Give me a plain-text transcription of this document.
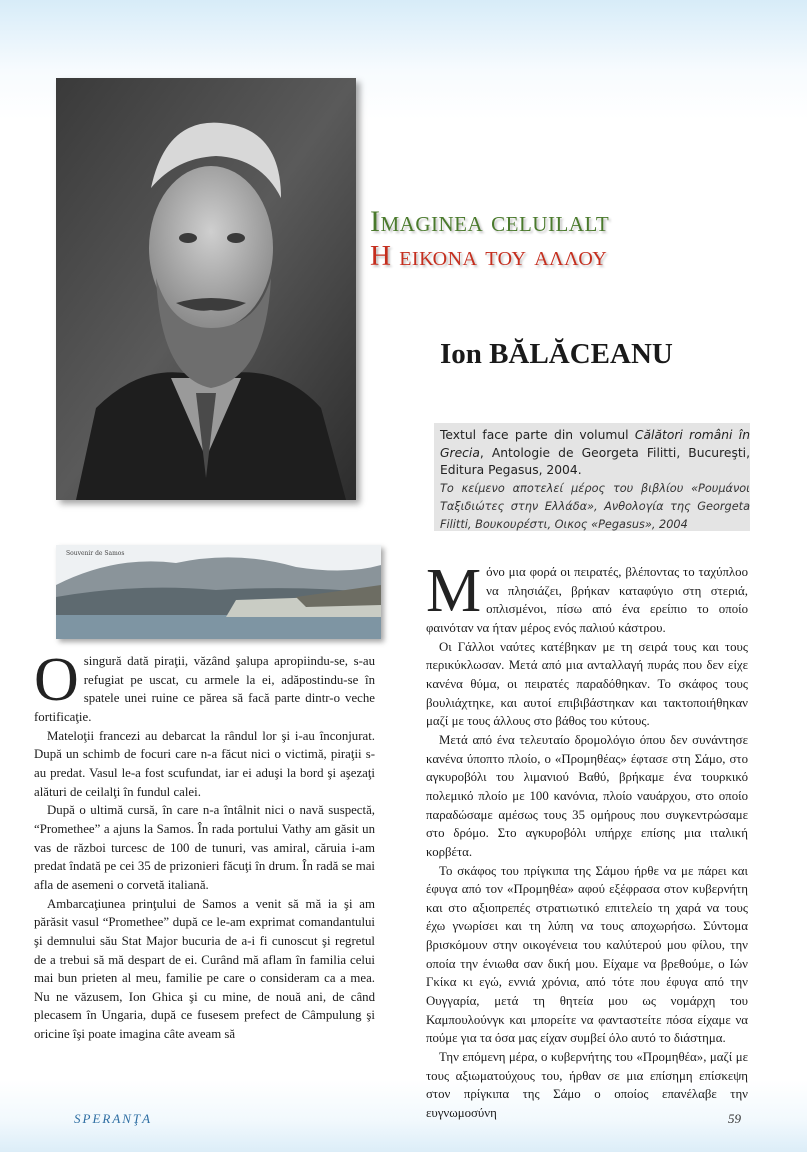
Imaginea celuilalt
Η εικονα του αλλου
Ion BĂLĂCEANU
Textul face parte din volumul Călători români în Grecia, Antologie de Georgeta Filitti, Bucureşti, Editura Pegasus, 2004.
Το κείμενο αποτελεί μέρος του βιβλίου «Ρουμάνοι Ταξιδιώτες στην Ελλάδα», Ανθολογία της Georgeta Filitti, Βουκουρέστι, Οικος «Pegasus», 2004
Souvenir de Samos

Osingură dată piraţii, văzând şalupa apropiindu-se, s-au refugiat pe uscat, cu armele la ei, adăpostindu-se în spatele unei ruine ce părea să facă parte dintr-o veche fortificaţie.

Mateloţii francezi au debarcat la rândul lor şi i-au înconjurat. După un schimb de focuri care n-a făcut nici o victimă, piraţii s-au predat. Vasul le-a fost scufundat, iar ei aduşi la bord şi aşezaţi alături de ceilalţi în fundul calei.

După o ultimă cursă, în care n-a întâlnit nici o navă suspectă, “Promethee” a ajuns la Samos. În rada portului Vathy am găsit un vas de război turcesc de 100 de tunuri, vas amiral, căruia i-am predat îndată pe cei 35 de prizonieri făcuţi în drum. În radă se mai afla de asemeni o corvetă italiană.

Ambarcaţiunea prinţului de Samos a venit să mă ia şi am părăsit vasul “Promethee” după ce le-am exprimat comandantului şi demnului său Stat Major bucuria de a-i fi cunoscut şi regretul de a trebui să mă despart de ei. Curând mă aflam în familia celui mai bun prieten al meu, familie pe care o consideram ca a mea. Nu ne văzusem, Ion Ghica şi cu mine, de nouă ani, de când plecasem în Ungaria, după ce fusesem prefect de Câmpulung şi oricine îşi poate imagina câte aveam să

Μόνο μια φορά οι πειρατές, βλέποντας το ταχύπλοο να πλησιάζει, βρήκαν καταφύγιο στη στεριά, οπλισμένοι, πίσω από ένα ερείπιο το οποίο φαινόταν να ήταν μέρος ενός παλιού κάστρου.

Οι Γάλλοι ναύτες κατέβηκαν με τη σειρά τους και τους περικύκλωσαν. Μετά από μια ανταλλαγή πυράς που δεν είχε κανένα θύμα, οι πειρατές παραδόθηκαν. Το σκάφος τους βουλιάχτηκε, και αυτοί επιβιβάστηκαν και τακτοποιήθηκαν μαζί με τους άλλους στο βάθος του κύτους.

Μετά από ένα τελευταίο δρομολόγιο όπου δεν συνάντησε κανένα ύποπτο πλοίο, ο «Προμηθέας» έφτασε στη Σάμο, στο αγκυροβόλι του λιμανιού Βαθύ, βρήκαμε ένα τουρκικό πολεμικό πλοίο με 100 κανόνια, πλοίο ναυάρχου, στο οποίο παραδώσαμε αμέσως τους 35 ομήρους που συγκεντρώσαμε στο δρόμο. Στο αγκυροβόλι υπήρχε επίσης μια ιταλική κορβέτα.

Το σκάφος του πρίγκιπα της Σάμου ήρθε να με πάρει και έφυγα από τον «Προμηθέα» αφού εξέφρασα στον κυβερνήτη και στο αξιοπρεπές στρατιωτικό επιτελείο τη χαρά να τους έχω γνωρίσει και τη λύπη να τους αποχωρήσω. Σύντομα βρισκόμουν στην οικογένεια του καλύτερού μου φίλου, την οποία την ένιωθα σαν δική μου. Είχαμε να βρεθούμε, ο Ιών Γκίκα κι εγώ, εννιά χρόνια, από τότε που έφυγα από την Ουγγαρία, μετά τη θητεία μου ως νομάρχη του Καμπουλούνγκ και μπορείτε να φανταστείτε πόσα είχαμε να πούμε για τα όσα μας είχαν συμβεί όλο αυτό το διάστημα.

Την επόμενη μέρα, ο κυβερνήτης του «Προμηθέα», μαζί με τους αξιωματούχους του, ήρθαν σε μια επίσημη επίσκεψη στον πρίγκιπα της Σάμο ο οποίος επανέλαβε την ευγνωμοσύνη

SPERANŢA	59
